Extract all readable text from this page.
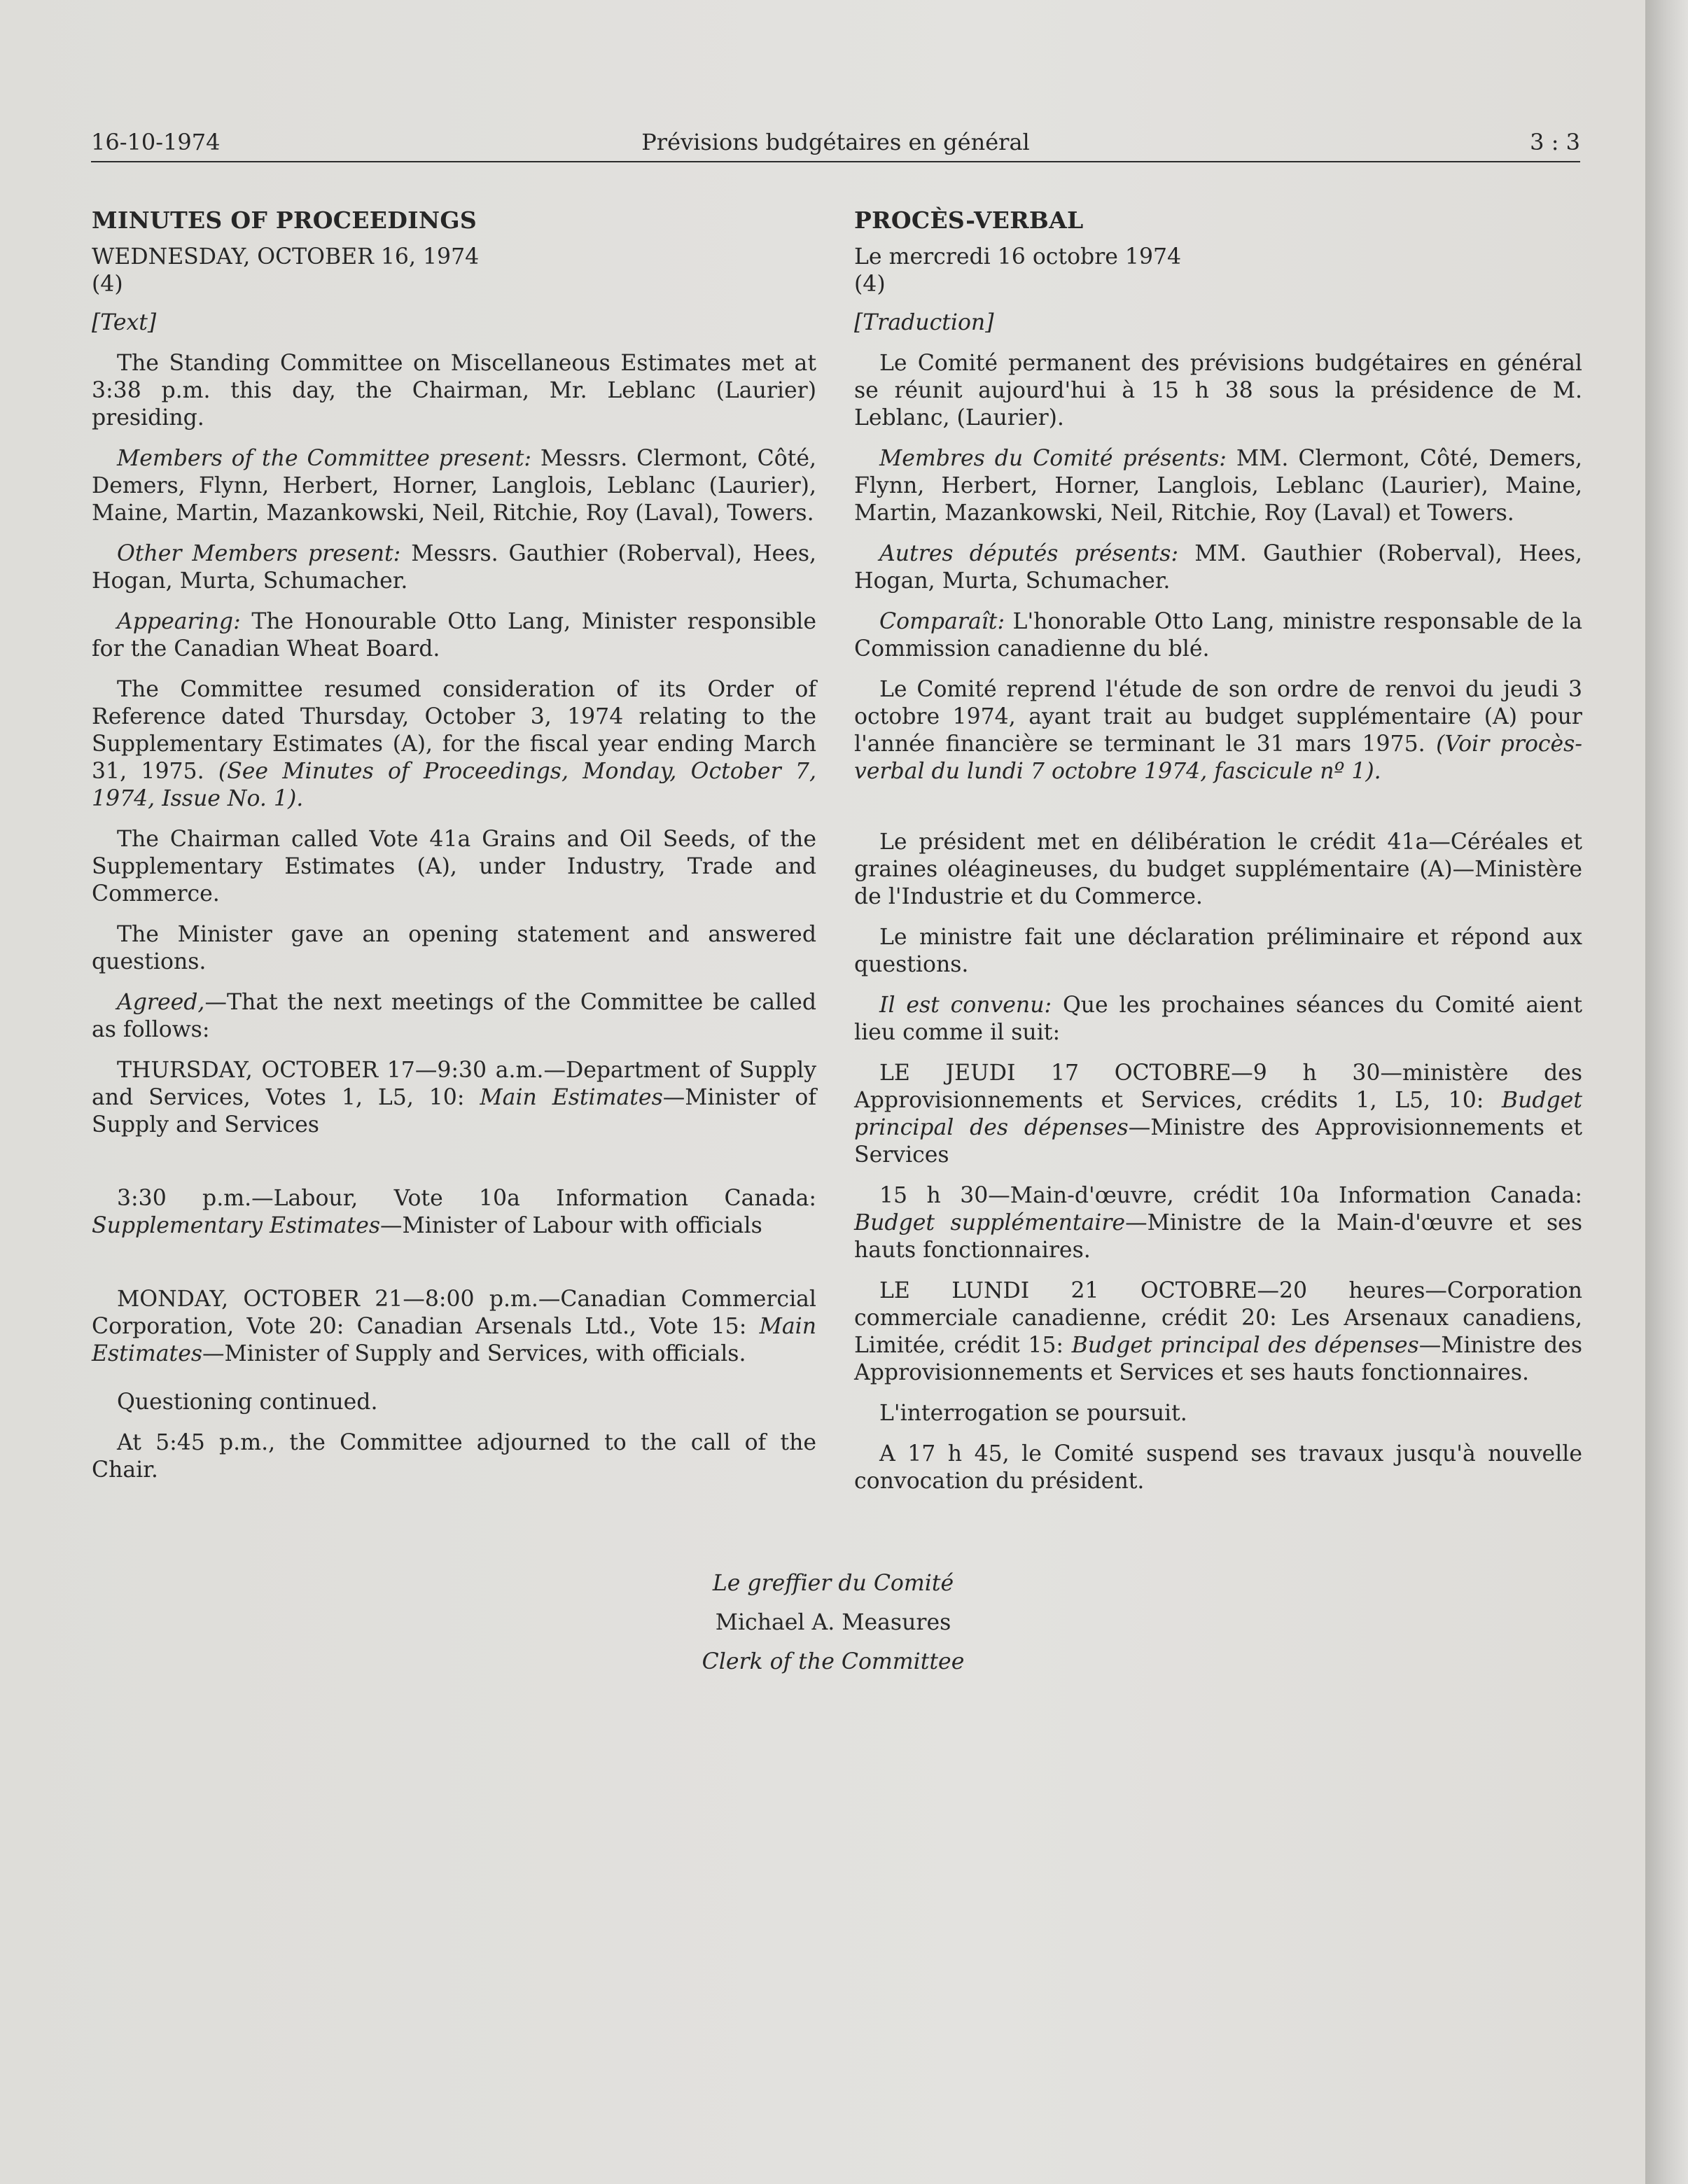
16-10-1974	Prévisions budgétaires en général	3 : 3

MINUTES OF PROCEEDINGS

WEDNESDAY, OCTOBER 16, 1974

(4)

[Text]

The Standing Committee on Miscellaneous Estimates met at 3:38 p.m. this day, the Chairman, Mr. Leblanc (Laurier) presiding.

Members of the Committee present: Messrs. Clermont, Côté, Demers, Flynn, Herbert, Horner, Langlois, Leblanc (Laurier), Maine, Martin, Mazankowski, Neil, Ritchie, Roy (Laval), Towers.

Other Members present: Messrs. Gauthier (Roberval), Hees, Hogan, Murta, Schumacher.

Appearing: The Honourable Otto Lang, Minister responsible for the Canadian Wheat Board.

The Committee resumed consideration of its Order of Reference dated Thursday, October 3, 1974 relating to the Supplementary Estimates (A), for the fiscal year ending March 31, 1975. (See Minutes of Proceedings, Monday, October 7, 1974, Issue No. 1).

The Chairman called Vote 41a Grains and Oil Seeds, of the Supplementary Estimates (A), under Industry, Trade and Commerce.

The Minister gave an opening statement and answered questions.

Agreed,—That the next meetings of the Committee be called as follows:

THURSDAY, OCTOBER 17—9:30 a.m.—Department of Supply and Services, Votes 1, L5, 10: Main Estimates—Minister of Supply and Services

3:30 p.m.—Labour, Vote 10a Information Canada: Supplementary Estimates—Minister of Labour with officials

MONDAY, OCTOBER 21—8:00 p.m.—Canadian Commercial Corporation, Vote 20: Canadian Arsenals Ltd., Vote 15: Main Estimates—Minister of Supply and Services, with officials.

Questioning continued.

At 5:45 p.m., the Committee adjourned to the call of the Chair.

PROCÈS-VERBAL

Le mercredi 16 octobre 1974

(4)

[Traduction]

Le Comité permanent des prévisions budgétaires en général se réunit aujourd'hui à 15 h 38 sous la présidence de M. Leblanc, (Laurier).

Membres du Comité présents: MM. Clermont, Côté, Demers, Flynn, Herbert, Horner, Langlois, Leblanc (Laurier), Maine, Martin, Mazankowski, Neil, Ritchie, Roy (Laval) et Towers.

Autres députés présents: MM. Gauthier (Roberval), Hees, Hogan, Murta, Schumacher.

Comparaît: L'honorable Otto Lang, ministre responsable de la Commission canadienne du blé.

Le Comité reprend l'étude de son ordre de renvoi du jeudi 3 octobre 1974, ayant trait au budget supplémentaire (A) pour l'année financière se terminant le 31 mars 1975. (Voir procès-verbal du lundi 7 octobre 1974, fascicule nº 1).

Le président met en délibération le crédit 41a—Céréales et graines oléagineuses, du budget supplémentaire (A)—Ministère de l'Industrie et du Commerce.

Le ministre fait une déclaration préliminaire et répond aux questions.

Il est convenu: Que les prochaines séances du Comité aient lieu comme il suit:

LE JEUDI 17 OCTOBRE—9 h 30—ministère des Approvisionnements et Services, crédits 1, L5, 10: Budget principal des dépenses—Ministre des Approvisionnements et Services

15 h 30—Main-d'œuvre, crédit 10a Information Canada: Budget supplémentaire—Ministre de la Main-d'œuvre et ses hauts fonctionnaires.

LE LUNDI 21 OCTOBRE—20 heures—Corporation commerciale canadienne, crédit 20: Les Arsenaux canadiens, Limitée, crédit 15: Budget principal des dépenses—Ministre des Approvisionnements et Services et ses hauts fonctionnaires.

L'interrogation se poursuit.

A 17 h 45, le Comité suspend ses travaux jusqu'à nouvelle convocation du président.

Le greffier du Comité
Michael A. Measures
Clerk of the Committee
